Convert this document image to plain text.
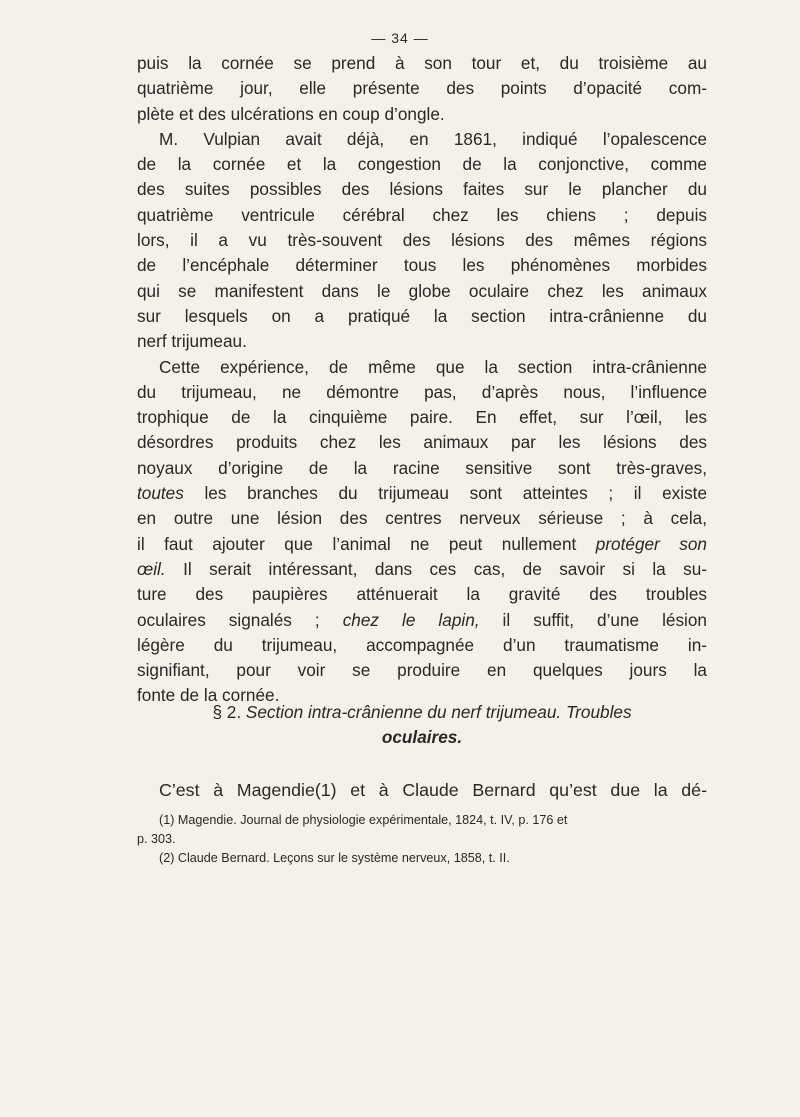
— 34 —
puis la cornée se prend à son tour et, du troisième au
quatrième jour, elle présente des points d’opacité com-
plète et des ulcérations en coup d’ongle.
M. Vulpian avait déjà, en 1861, indiqué l’opalescence
de la cornée et la congestion de la conjonctive, comme
des suites possibles des lésions faites sur le plancher du
quatrième ventricule cérébral chez les chiens ; depuis
lors, il a vu très-souvent des lésions des mêmes régions
de l’encéphale déterminer tous les phénomènes morbides
qui se manifestent dans le globe oculaire chez les animaux
sur lesquels on a pratiqué la section intra-crânienne du
nerf trijumeau.
Cette expérience, de même que la section intra-crânienne
du trijumeau, ne démontre pas, d’après nous, l’influence
trophique de la cinquième paire. En effet, sur l’œil, les
désordres produits chez les animaux par les lésions des
noyaux d’origine de la racine sensitive sont très-graves,
toutes les branches du trijumeau sont atteintes ; il existe
en outre une lésion des centres nerveux sérieuse ; à cela,
il faut ajouter que l’animal ne peut nullement protéger son
œil. Il serait intéressant, dans ces cas, de savoir si la su-
ture des paupières atténuerait la gravité des troubles
oculaires signalés ; chez le lapin, il suffit, d’une lésion
légère du trijumeau, accompagnée d’un traumatisme in-
signifiant, pour voir se produire en quelques jours la
fonte de la cornée.
§ 2. Section intra-crânienne du nerf trijumeau. Troubles
oculaires.
C’est à Magendie(1) et à Claude Bernard qu’est due la dé-
(1) Magendie. Journal de physiologie expérimentale, 1824, t. IV, p. 176 et
p. 303.
(2) Claude Bernard. Leçons sur le système nerveux, 1858, t. II.
